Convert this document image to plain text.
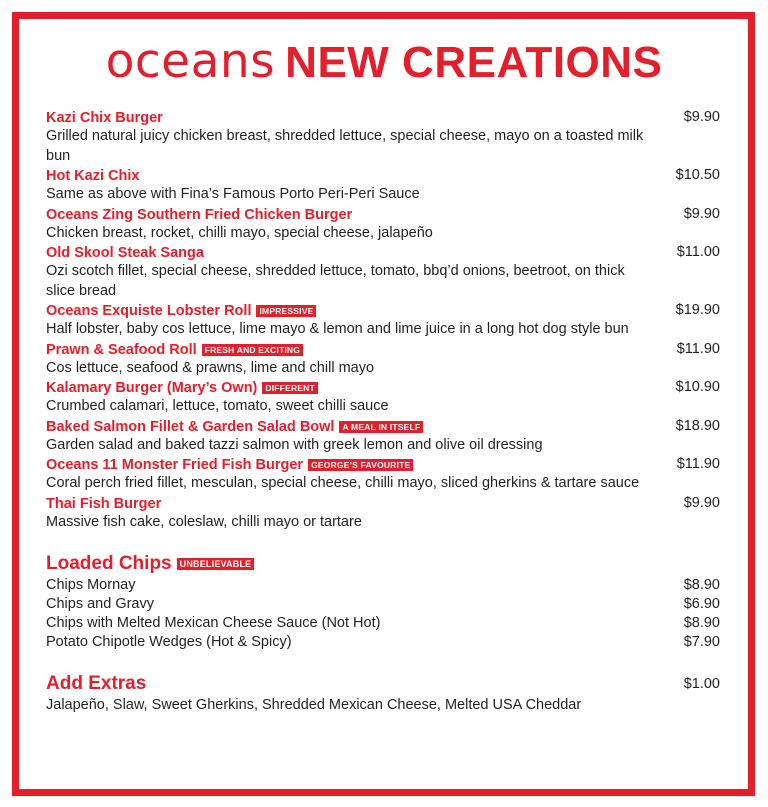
oceans NEW CREATIONS
Kazi Chix Burger	$9.90
Grilled natural juicy chicken breast, shredded lettuce, special cheese, mayo on a toasted milk bun
Hot Kazi Chix	$10.50
Same as above with Fina’s Famous Porto Peri-Peri Sauce
Oceans Zing Southern Fried Chicken Burger	$9.90
Chicken breast, rocket, chilli mayo, special cheese, jalapeño
Old Skool Steak Sanga	$11.00
Ozi scotch fillet, special cheese, shredded lettuce, tomato, bbq’d onions, beetroot, on thick slice bread
Oceans Exquiste Lobster Roll IMPRESSIVE	$19.90
Half lobster, baby cos lettuce, lime mayo & lemon and lime juice in a long hot dog style bun
Prawn & Seafood Roll FRESH AND EXCITING	$11.90
Cos lettuce, seafood & prawns, lime and chill mayo
Kalamary Burger (Mary’s Own) DIFFERENT	$10.90
Crumbed calamari, lettuce, tomato, sweet chilli sauce
Baked Salmon Fillet & Garden Salad Bowl A MEAL IN ITSELF	$18.90
Garden salad and baked tazzi salmon with greek lemon and olive oil dressing
Oceans 11 Monster Fried Fish Burger GEORGE’S FAVOURITE	$11.90
Coral perch fried fillet, mesculan, special cheese, chilli mayo, sliced gherkins & tartare sauce
Thai Fish Burger	$9.90
Massive fish cake, coleslaw, chilli mayo or tartare
Loaded Chips UNBELIEVABLE
Chips Mornay	$8.90
Chips and Gravy	$6.90
Chips with Melted Mexican Cheese Sauce (Not Hot)	$8.90
Potato Chipotle Wedges (Hot & Spicy)	$7.90
Add Extras	$1.00
Jalapeño, Slaw, Sweet Gherkins, Shredded Mexican Cheese, Melted USA Cheddar
